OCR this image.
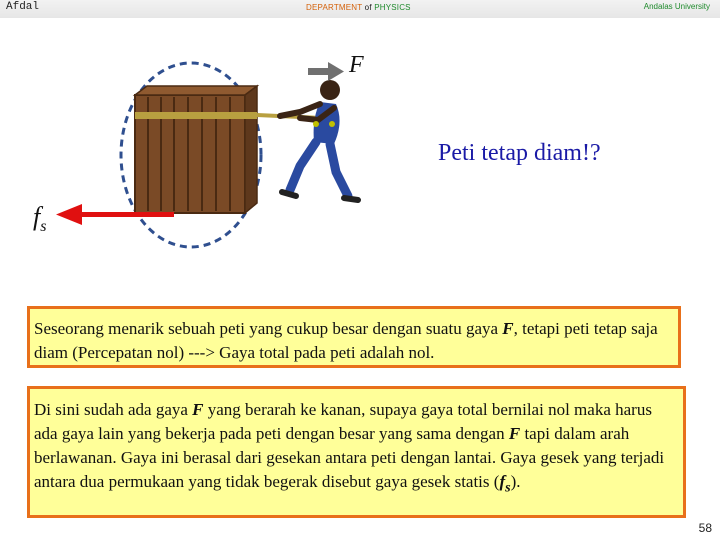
Afdal	DEPARTMENT of PHYSICS	Andalas University
F
$f_s$
Peti tetap diam!?
Seseorang menarik sebuah peti yang cukup besar dengan suatu gaya F, tetapi peti tetap saja diam (Percepatan nol) ---> Gaya total pada peti adalah nol.
Di sini sudah ada gaya F yang berarah ke kanan, supaya gaya total bernilai nol maka harus ada gaya lain yang bekerja pada peti dengan besar yang sama dengan F tapi dalam arah berlawanan. Gaya ini berasal dari gesekan antara peti dengan lantai. Gaya gesek yang terjadi antara dua permukaan yang tidak begerak disebut gaya gesek statis $(f_s)$.
58
